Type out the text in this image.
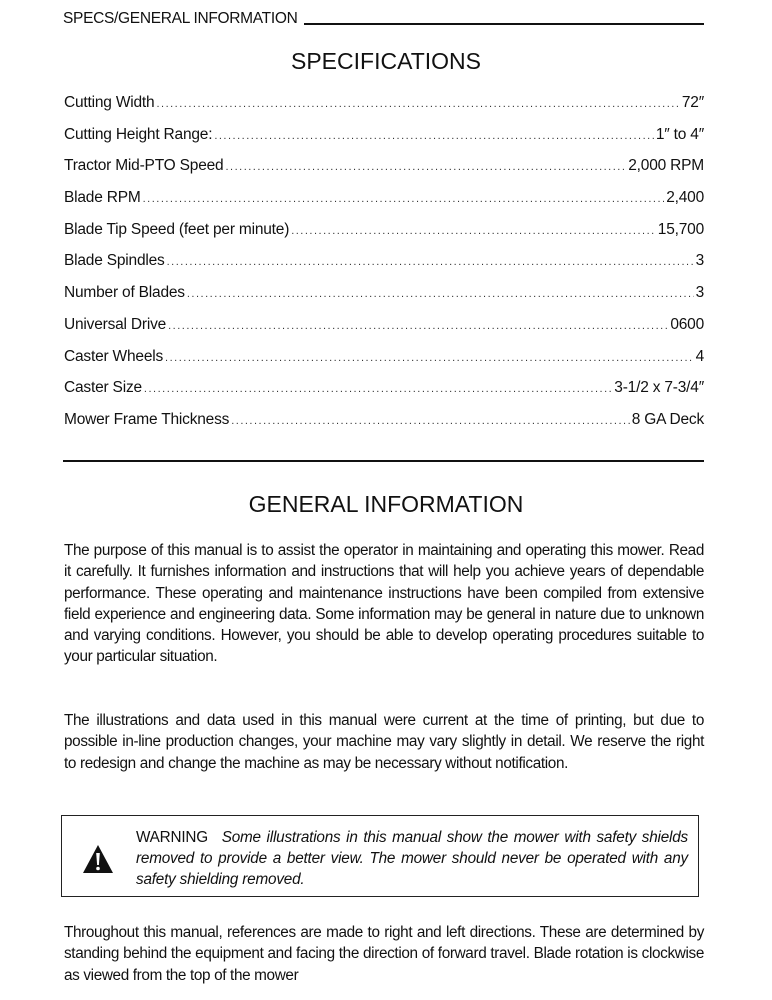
SPECS/GENERAL INFORMATION
SPECIFICATIONS
Cutting Width .....	72″
Cutting Height Range: .....	1″ to 4″
Tractor Mid-PTO Speed .....	2,000 RPM
Blade RPM .....	2,400
Blade Tip Speed (feet per minute) .....	15,700
Blade Spindles .....	3
Number of Blades .....	3
Universal Drive .....	0600
Caster Wheels .....	4
Caster Size .....	3-1/2 x 7-3/4″
Mower Frame Thickness .....	8 GA Deck
GENERAL INFORMATION

The purpose of this manual is to assist the operator in maintaining and operating this mower. Read it carefully. It furnishes information and instructions that will help you achieve years of dependable performance. These operating and maintenance instructions have been compiled from extensive field experience and engineering data. Some information may be general in nature due to unknown and varying conditions. However, you should be able to develop operating procedures suitable to your particular situation.

The illustrations and data used in this manual were current at the time of printing, but due to possible in-line production changes, your machine may vary slightly in detail. We reserve the right to redesign and change the machine as may be necessary without notification.

WARNING Some illustrations in this manual show the mower with safety shields removed to provide a better view. The mower should never be operated with any safety shielding removed.

Throughout this manual, references are made to right and left directions. These are determined by standing behind the equipment and facing the direction of forward travel. Blade rotation is clockwise as viewed from the top of the mower
